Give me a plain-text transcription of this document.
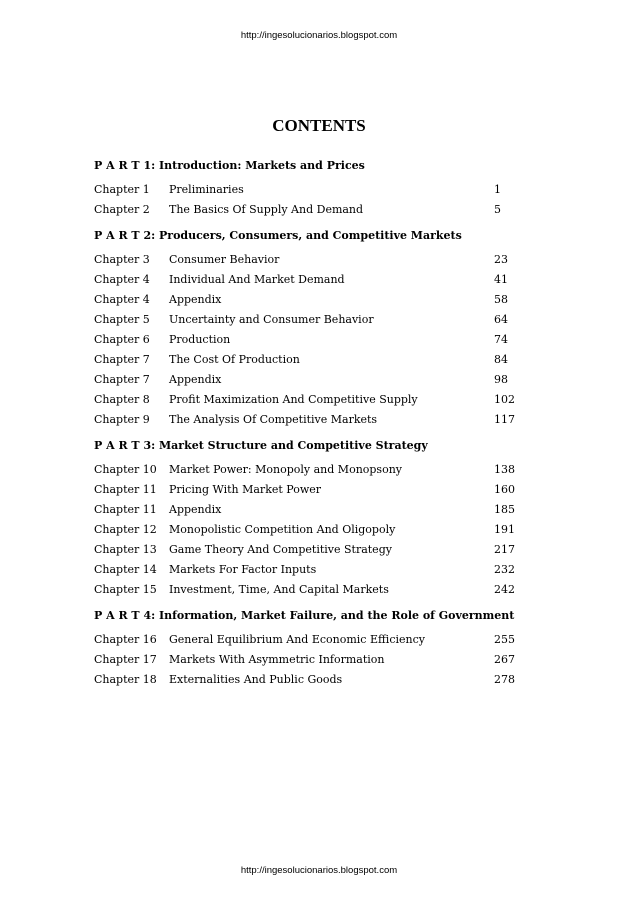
http://ingesolucionarios.blogspot.com
CONTENTS
P A R T 1: Introduction: Markets and Prices
Chapter 1	Preliminaries	1
Chapter 2	The Basics Of Supply And Demand	5
P A R T 2: Producers, Consumers, and Competitive Markets
Chapter 3	Consumer Behavior	23
Chapter 4	Individual And Market Demand	41
Chapter 4	Appendix	58
Chapter 5	Uncertainty and Consumer Behavior	64
Chapter 6	Production	74
Chapter 7	The Cost Of Production	84
Chapter 7	Appendix	98
Chapter 8	Profit Maximization And Competitive Supply	102
Chapter 9	The Analysis Of Competitive Markets	117
P A R T 3: Market Structure and Competitive Strategy
Chapter 10	Market Power: Monopoly and Monopsony	138
Chapter 11	Pricing With Market Power	160
Chapter 11	Appendix	185
Chapter 12	Monopolistic Competition And Oligopoly	191
Chapter 13	Game Theory And Competitive Strategy	217
Chapter 14	Markets For Factor Inputs	232
Chapter 15	Investment, Time, And Capital Markets	242
P A R T 4: Information, Market Failure, and the Role of Government
Chapter 16	General Equilibrium And Economic Efficiency	255
Chapter 17	Markets With Asymmetric Information	267
Chapter 18	Externalities And Public Goods	278
http://ingesolucionarios.blogspot.com
